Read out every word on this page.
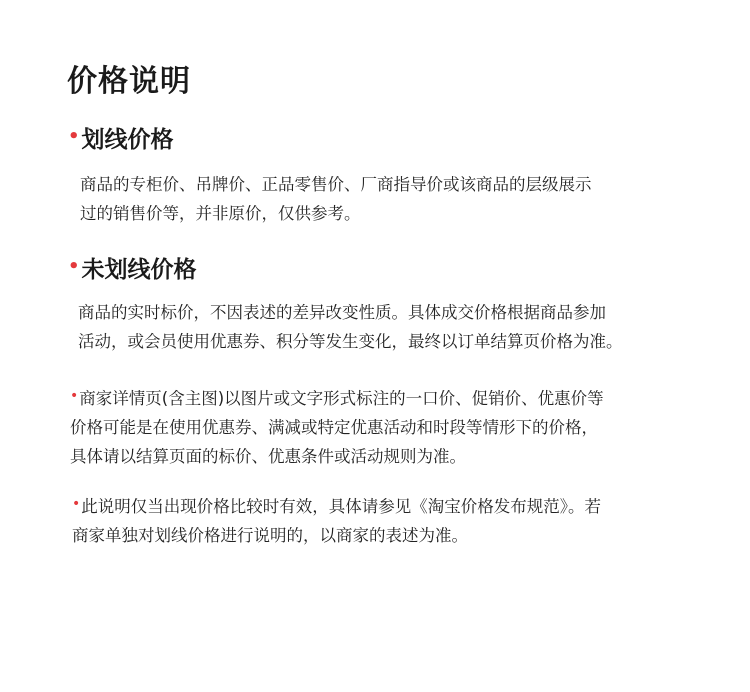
价格说明
•划线价格
商品的专柜价、吊牌价、正品零售价、厂商指导价或该商品的层级展示
过的销售价等，并非原价，仅供参考。
•未划线价格
商品的实时标价，不因表述的差异改变性质。具体成交价格根据商品参加
活动，或会员使用优惠券、积分等发生变化，最终以订单结算页价格为准。
•商家详情页(含主图)以图片或文字形式标注的一口价、促销价、优惠价等
价格可能是在使用优惠券、满减或特定优惠活动和时段等情形下的价格，
具体请以结算页面的标价、优惠条件或活动规则为准。
•此说明仅当出现价格比较时有效，具体请参见《淘宝价格发布规范》。若
商家单独对划线价格进行说明的，以商家的表述为准。
